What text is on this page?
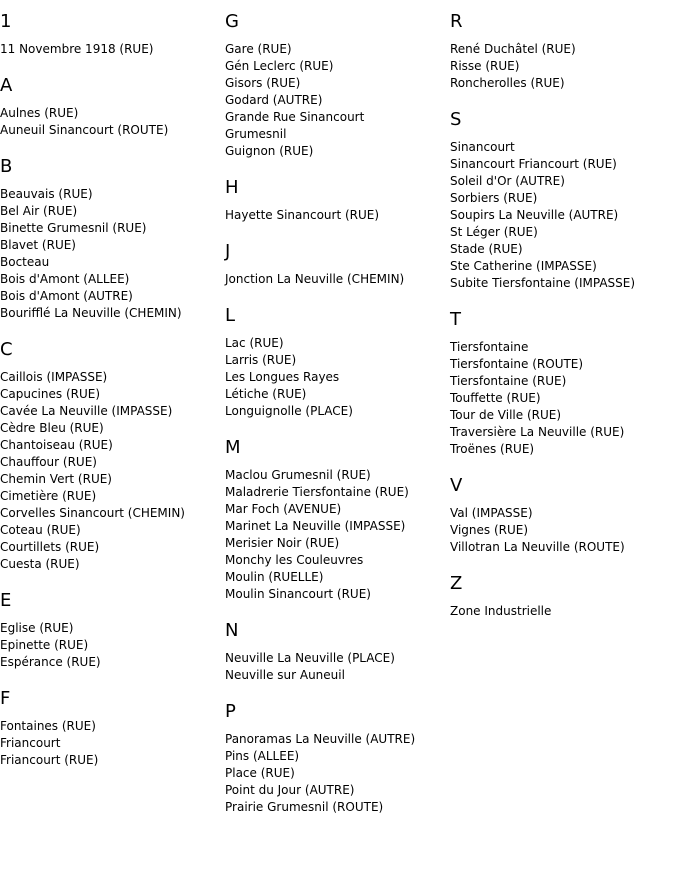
1
11 Novembre 1918 (RUE)
A
Aulnes (RUE)
Auneuil Sinancourt (ROUTE)
B
Beauvais (RUE)
Bel Air (RUE)
Binette Grumesnil (RUE)
Blavet (RUE)
Bocteau
Bois d'Amont (ALLEE)
Bois d'Amont (AUTRE)
Bourifflé La Neuville (CHEMIN)
C
Caillois (IMPASSE)
Capucines (RUE)
Cavée La Neuville (IMPASSE)
Cèdre Bleu (RUE)
Chantoiseau (RUE)
Chauffour (RUE)
Chemin Vert (RUE)
Cimetière (RUE)
Corvelles Sinancourt (CHEMIN)
Coteau (RUE)
Courtillets (RUE)
Cuesta (RUE)
E
Eglise (RUE)
Epinette (RUE)
Espérance (RUE)
F
Fontaines (RUE)
Friancourt
Friancourt (RUE)
G
Gare (RUE)
Gén Leclerc (RUE)
Gisors (RUE)
Godard (AUTRE)
Grande Rue Sinancourt
Grumesnil
Guignon (RUE)
H
Hayette Sinancourt (RUE)
J
Jonction La Neuville (CHEMIN)
L
Lac (RUE)
Larris (RUE)
Les Longues Rayes
Létiche (RUE)
Longuignolle (PLACE)
M
Maclou Grumesnil (RUE)
Maladrerie Tiersfontaine (RUE)
Mar Foch (AVENUE)
Marinet La Neuville (IMPASSE)
Merisier Noir (RUE)
Monchy les Couleuvres
Moulin (RUELLE)
Moulin Sinancourt (RUE)
N
Neuville La Neuville (PLACE)
Neuville sur Auneuil
P
Panoramas La Neuville (AUTRE)
Pins (ALLEE)
Place (RUE)
Point du Jour (AUTRE)
Prairie Grumesnil (ROUTE)
R
René Duchâtel (RUE)
Risse (RUE)
Roncherolles (RUE)
S
Sinancourt
Sinancourt Friancourt (RUE)
Soleil d'Or (AUTRE)
Sorbiers (RUE)
Soupirs La Neuville (AUTRE)
St Léger (RUE)
Stade (RUE)
Ste Catherine (IMPASSE)
Subite Tiersfontaine (IMPASSE)
T
Tiersfontaine
Tiersfontaine (ROUTE)
Tiersfontaine (RUE)
Touffette (RUE)
Tour de Ville (RUE)
Traversière La Neuville (RUE)
Troënes (RUE)
V
Val (IMPASSE)
Vignes (RUE)
Villotran La Neuville (ROUTE)
Z
Zone Industrielle
